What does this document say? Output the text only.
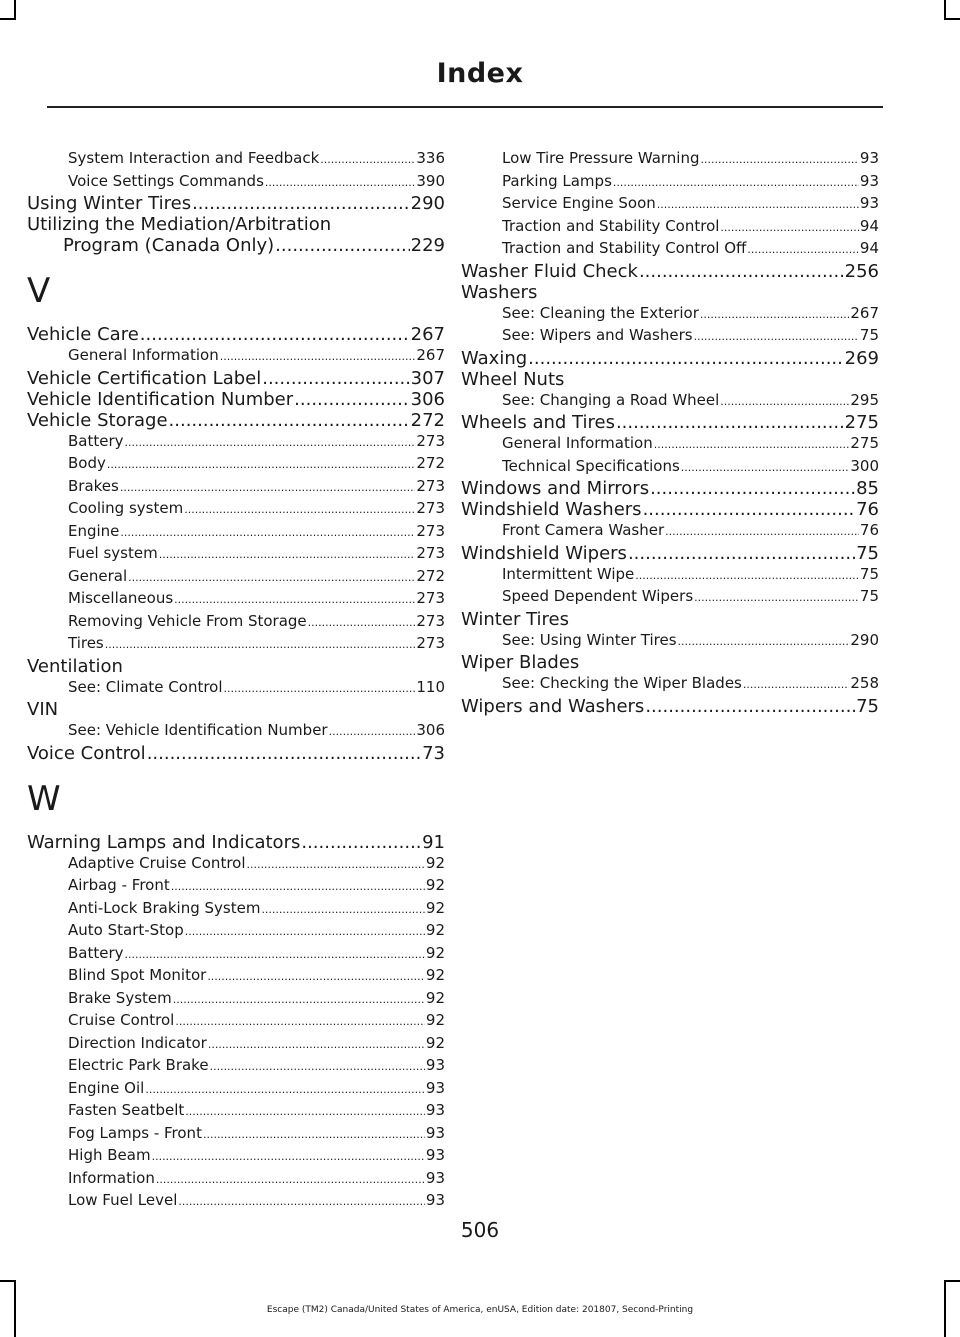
Index
System Interaction and Feedback .....	336
Voice Settings Commands .....	390
Using Winter Tires .....	290
Utilizing the Mediation/Arbitration
Program (Canada Only) .....	229
V
Vehicle Care .....	267
General Information .....	267
Vehicle Certification Label .....	307
Vehicle Identification Number .....	306
Vehicle Storage .....	272
Battery .....	273
Body .....	272
Brakes .....	273
Cooling system .....	273
Engine .....	273
Fuel system .....	273
General .....	272
Miscellaneous .....	273
Removing Vehicle From Storage .....	273
Tires .....	273
Ventilation
See: Climate Control .....	110
VIN
See: Vehicle Identification Number .....	306
Voice Control .....	73
W
Warning Lamps and Indicators .....	91
Adaptive Cruise Control .....	92
Airbag - Front .....	92
Anti-Lock Braking System .....	92
Auto Start-Stop .....	92
Battery .....	92
Blind Spot Monitor .....	92
Brake System .....	92
Cruise Control .....	92
Direction Indicator .....	92
Electric Park Brake .....	93
Engine Oil .....	93
Fasten Seatbelt .....	93
Fog Lamps - Front .....	93
High Beam .....	93
Information .....	93
Low Fuel Level .....	93
Low Tire Pressure Warning .....	93
Parking Lamps .....	93
Service Engine Soon .....	93
Traction and Stability Control .....	94
Traction and Stability Control Off .....	94
Washer Fluid Check .....	256
Washers
See: Cleaning the Exterior .....	267
See: Wipers and Washers .....	75
Waxing .....	269
Wheel Nuts
See: Changing a Road Wheel .....	295
Wheels and Tires .....	275
General Information .....	275
Technical Specifications .....	300
Windows and Mirrors .....	85
Windshield Washers .....	76
Front Camera Washer .....	76
Windshield Wipers .....	75
Intermittent Wipe .....	75
Speed Dependent Wipers .....	75
Winter Tires
See: Using Winter Tires .....	290
Wiper Blades
See: Checking the Wiper Blades .....	258
Wipers and Washers .....	75
506
Escape (TM2) Canada/United States of America, enUSA, Edition date: 201807, Second-Printing
